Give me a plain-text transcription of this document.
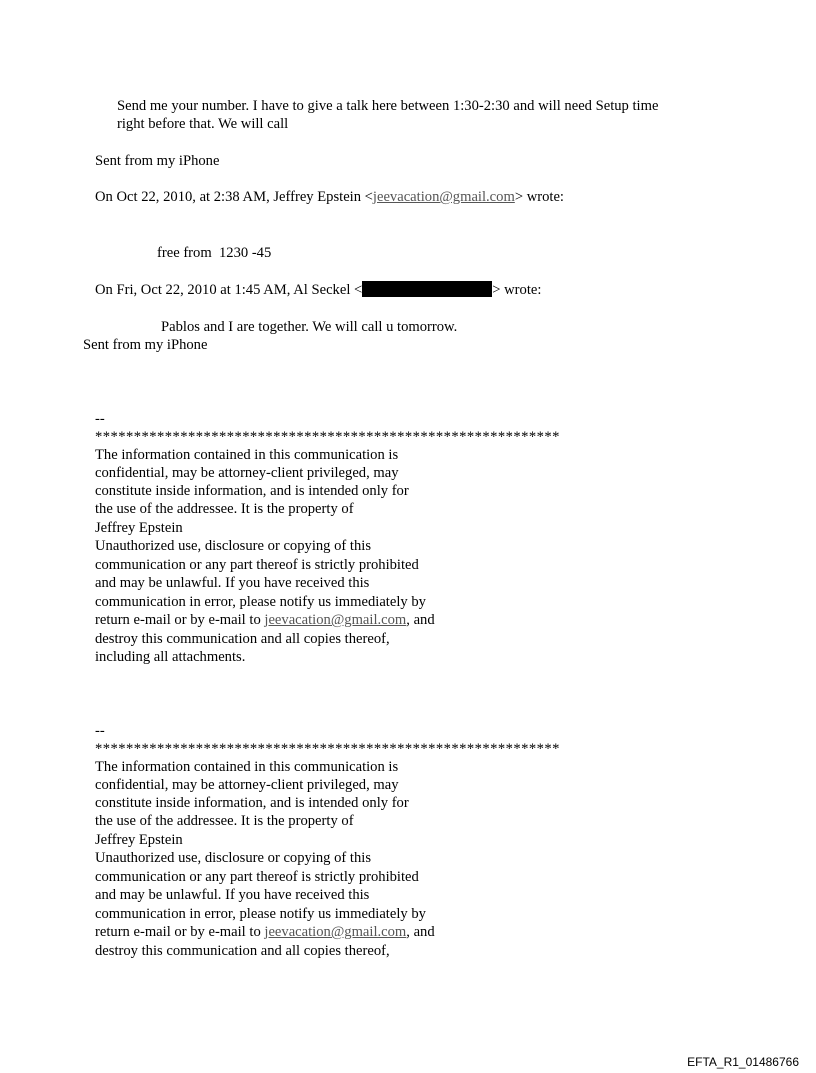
Send me your number. I have to give a talk here between 1:30-2:30 and will need Setup time

right before that. We will call

Sent from my iPhone

On Oct 22, 2010, at 2:38 AM, Jeffrey Epstein <jeevacation@gmail.com> wrote:

free from  1230 -45

On Fri, Oct 22, 2010 at 1:45 AM, Al Seckel <	> wrote:

Pablos and I are together. We will call u tomorrow.

Sent from my iPhone

--

************************************************************

The information contained in this communication is

confidential, may be attorney-client privileged, may

constitute inside information, and is intended only for

the use of the addressee. It is the property of

Jeffrey Epstein

Unauthorized use, disclosure or copying of this

communication or any part thereof is strictly prohibited

and may be unlawful. If you have received this

communication in error, please notify us immediately by

return e-mail or by e-mail to jeevacation@gmail.com, and

destroy this communication and all copies thereof,

including all attachments.

--

************************************************************

The information contained in this communication is

confidential, may be attorney-client privileged, may

constitute inside information, and is intended only for

the use of the addressee. It is the property of

Jeffrey Epstein

Unauthorized use, disclosure or copying of this

communication or any part thereof is strictly prohibited

and may be unlawful. If you have received this

communication in error, please notify us immediately by

return e-mail or by e-mail to jeevacation@gmail.com, and

destroy this communication and all copies thereof,

EFTA_R1_01486766
